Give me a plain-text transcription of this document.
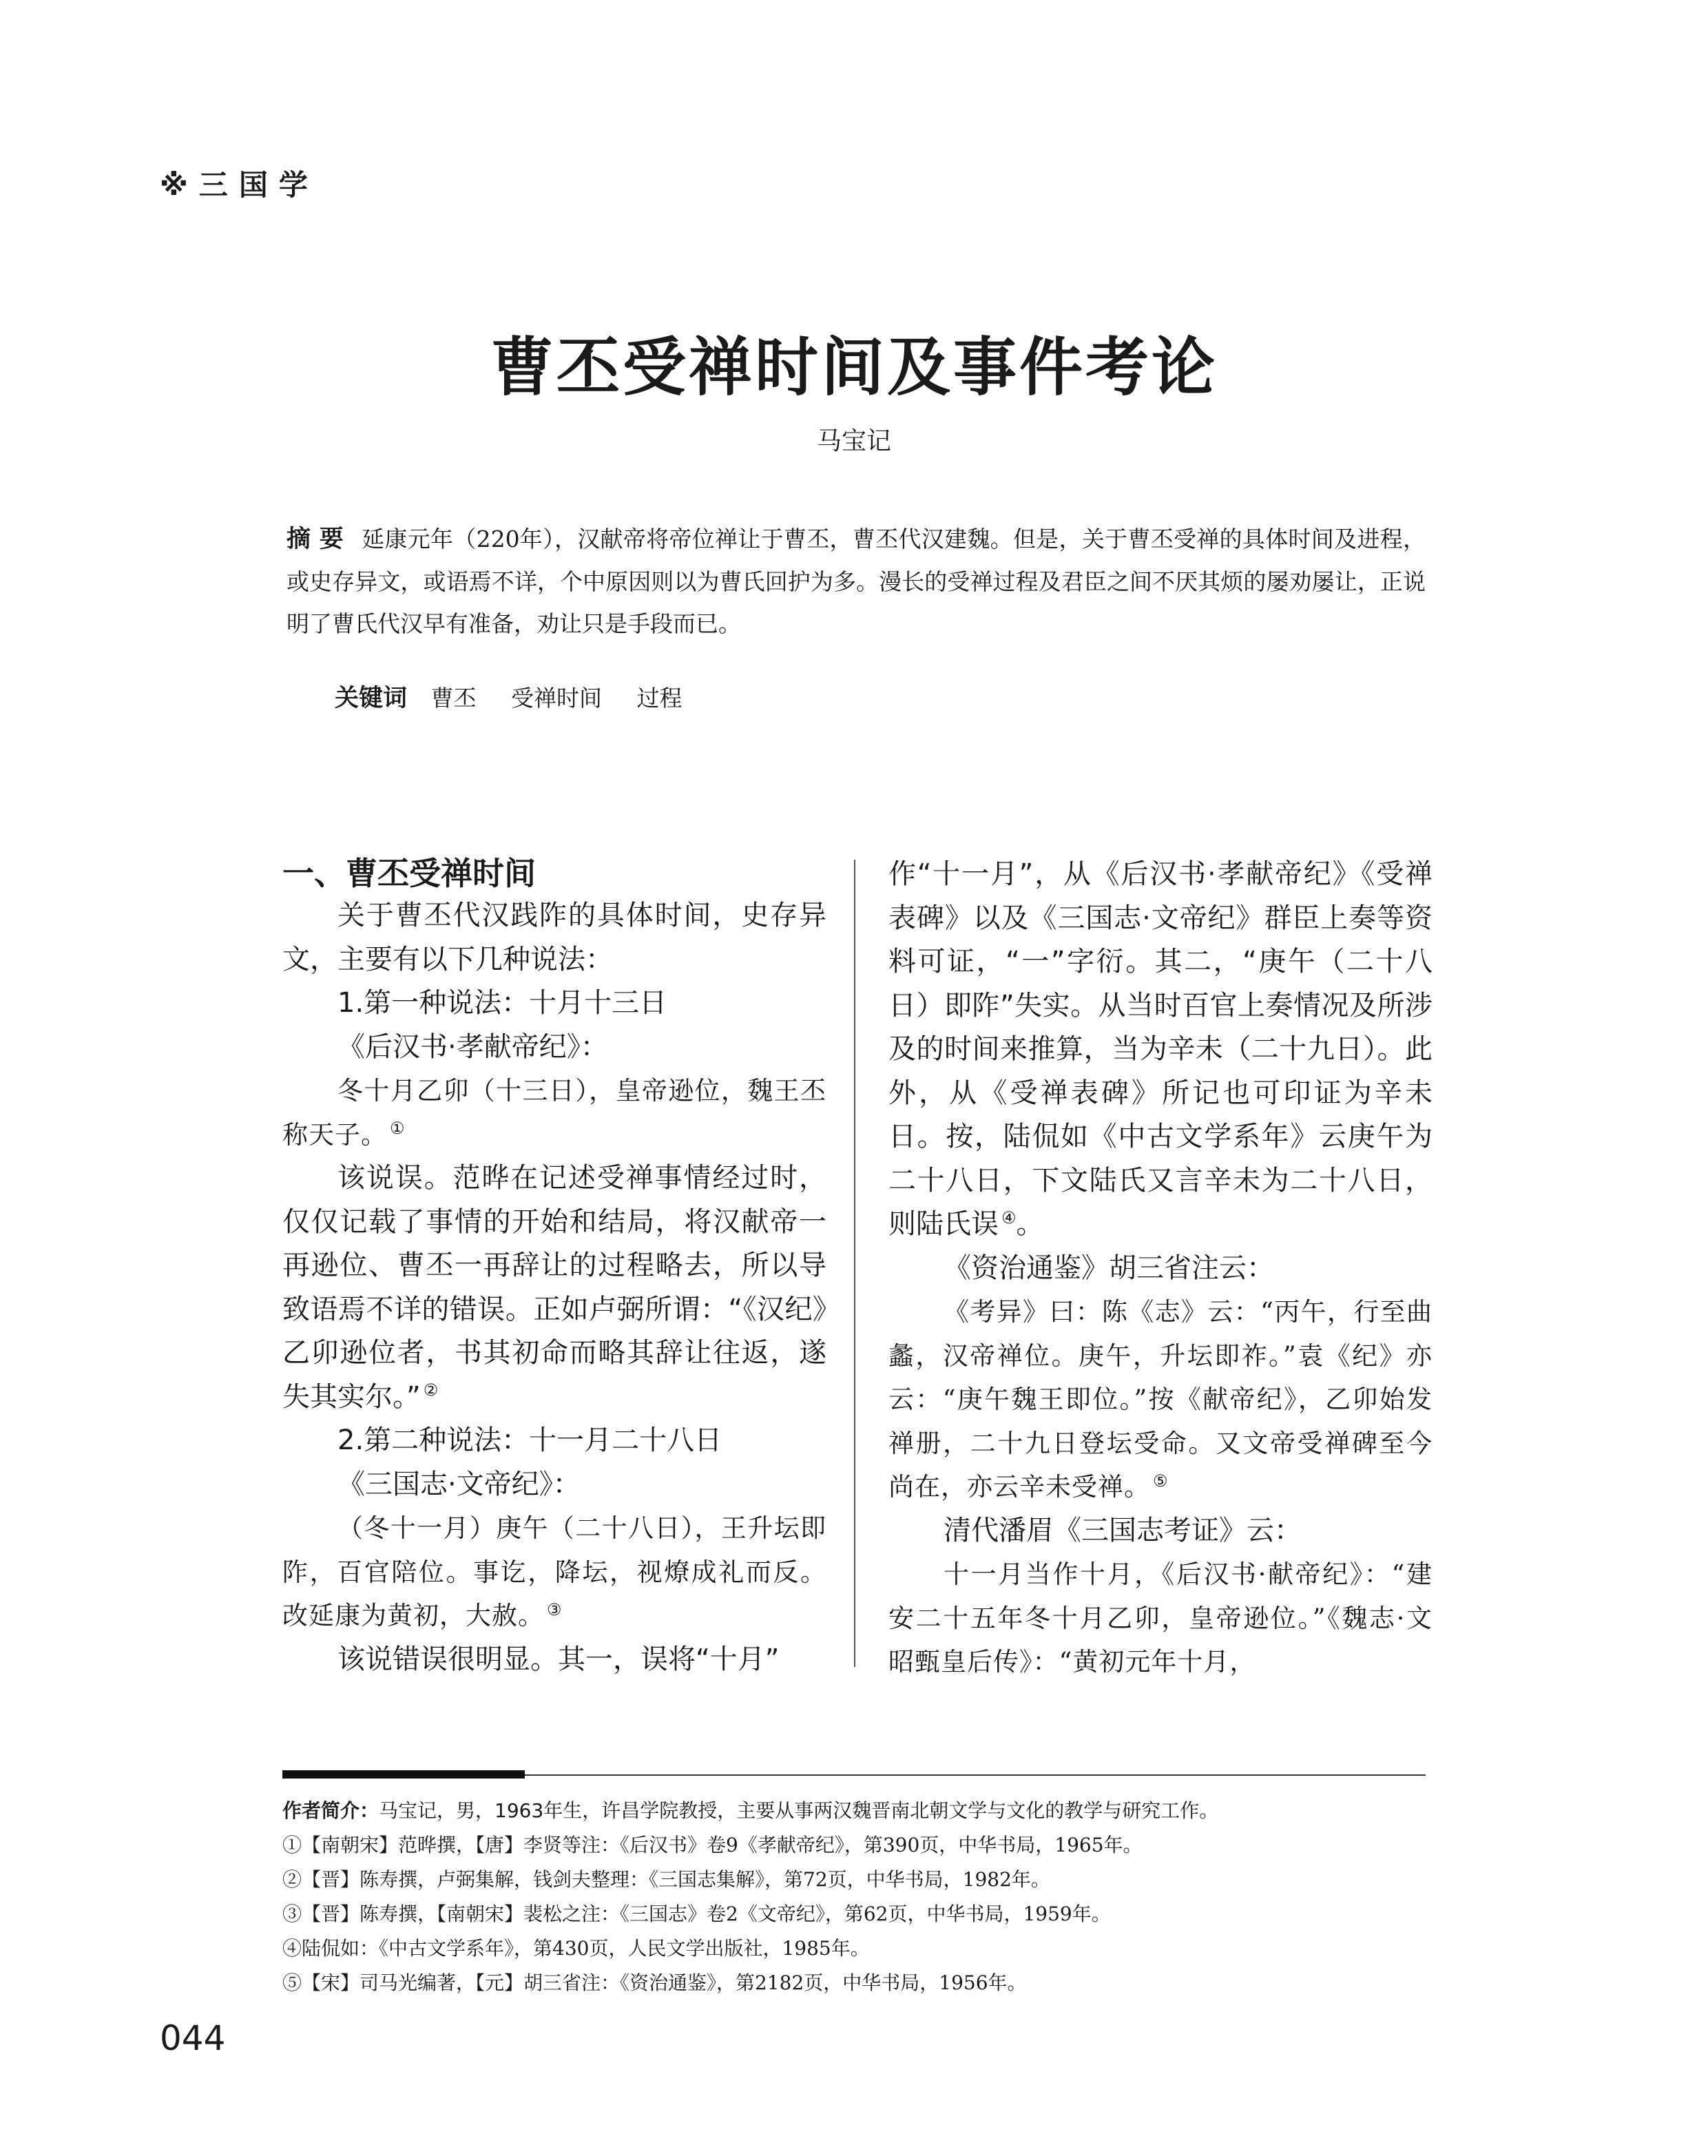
※三国学
曹丕受禅时间及事件考论
马宝记
摘 要 延康元年（220年），汉献帝将帝位禅让于曹丕，曹丕代汉建魏。但是，关于曹丕受禅的具体时间及进程，或史存异文，或语焉不详，个中原因则以为曹氏回护为多。漫长的受禅过程及君臣之间不厌其烦的屡劝屡让，正说明了曹氏代汉早有准备，劝让只是手段而已。
关键词 曹丕 受禅时间 过程

一、曹丕受禅时间

关于曹丕代汉践阼的具体时间，史存异文，主要有以下几种说法：

1.第一种说法：十月十三日

《后汉书·孝献帝纪》：

冬十月乙卯（十三日），皇帝逊位，魏王丕称天子。 ①

该说误。范晔在记述受禅事情经过时，仅仅记载了事情的开始和结局，将汉献帝一再逊位、曹丕一再辞让的过程略去，所以导致语焉不详的错误。正如卢弼所谓：“《汉纪》乙卯逊位者，书其初命而略其辞让往返，遂失其实尔。” ②

2.第二种说法：十一月二十八日

《三国志·文帝纪》：

（冬十一月）庚午（二十八日），王升坛即阼，百官陪位。事讫，降坛，视燎成礼而反。改延康为黄初，大赦。 ③

该说错误很明显。其一，误将“十月”

作“十一月”，从《后汉书·孝献帝纪》《受禅表碑》以及《三国志·文帝纪》群臣上奏等资料可证，“一”字衍。其二，“庚午（二十八日）即阼”失实。从当时百官上奏情况及所涉及的时间来推算，当为辛未（二十九日）。此外，从《受禅表碑》所记也可印证为辛未日。按，陆侃如《中古文学系年》云庚午为二十八日，下文陆氏又言辛未为二十八日，则陆氏误 ④。

《资治通鉴》胡三省注云：

《考异》曰：陈《志》云：“丙午，行至曲蠡，汉帝禅位。庚午，升坛即祚。”袁《纪》亦云：“庚午魏王即位。”按《献帝纪》，乙卯始发禅册，二十九日登坛受命。又文帝受禅碑至今尚在，亦云辛未受禅。 ⑤

清代潘眉《三国志考证》云：

十一月当作十月，《后汉书·献帝纪》：“建安二十五年冬十月乙卯，皇帝逊位。”《魏志·文昭甄皇后传》：“黄初元年十月，

作者简介：马宝记，男，1963年生，许昌学院教授，主要从事两汉魏晋南北朝文学与文化的教学与研究工作。
①【南朝宋】范晔撰，【唐】李贤等注：《后汉书》卷9《孝献帝纪》，第390页，中华书局，1965年。
②【晋】陈寿撰，卢弼集解，钱剑夫整理：《三国志集解》，第72页，中华书局，1982年。
③【晋】陈寿撰，【南朝宋】裴松之注：《三国志》卷2《文帝纪》，第62页，中华书局，1959年。
④陆侃如：《中古文学系年》，第430页，人民文学出版社，1985年。
⑤【宋】司马光编著，【元】胡三省注：《资治通鉴》，第2182页，中华书局，1956年。
044
